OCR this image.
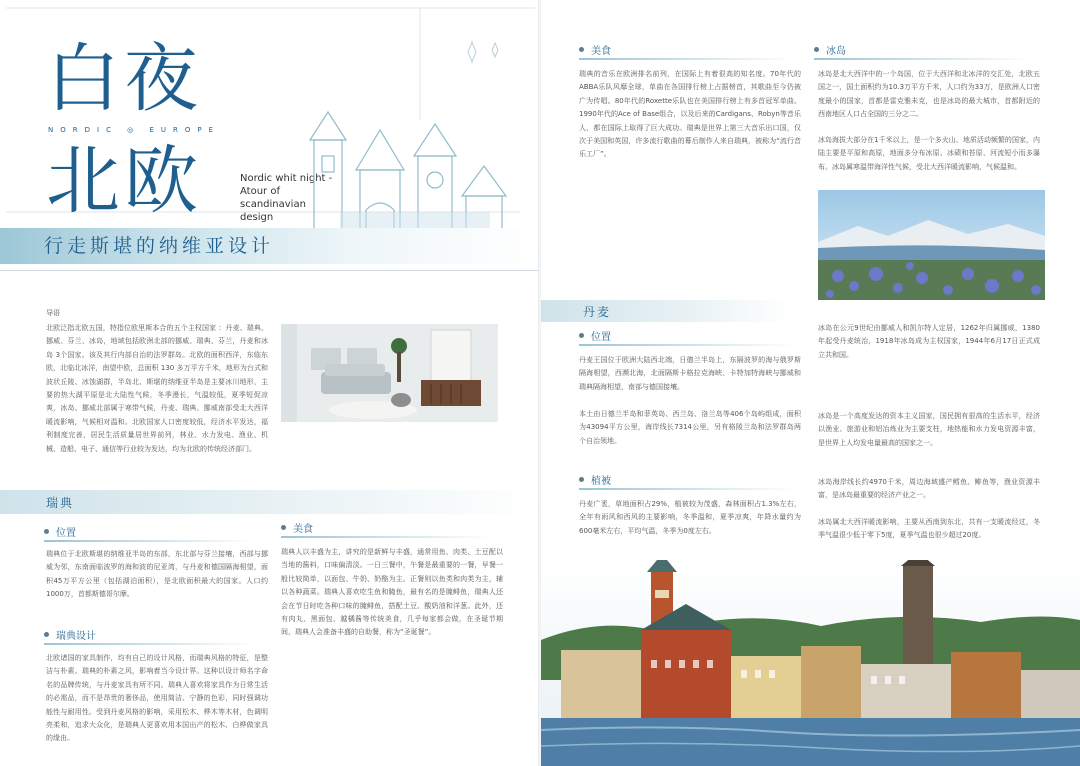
白夜
NORDIC ◎ EUROPE
北欧	Nordic whit night - Atour of scandinavian design
行走斯堪的纳维亚设计
导语
北欧泛指北欧五国，特指位欧里斯本合的五个主权国家 ：丹麦、瑞典、挪威、芬兰、冰岛，地域包括欧洲北部的挪威、瑞典、芬兰，丹麦和冰岛 3个国家。该及其行内部自治的法罗群岛。北欧的面积西洋，东临东欧，北临北冰洋，南望中欧，总面积 130 多万平方千米，地形为台式和波状丘陵、冰蚀湖群，半岛北、斯堪的纳维亚半岛是主要冰川地形，主要的热大湖平原是北大陆性气候，冬季漫长，气温较低，夏季短促凉爽，冰岛、挪威北部属于寒带气候，丹麦、瑞典、挪威南部受北大西洋暖流影响，气候相对温和。北欧国家人口密度较低，经济水平发达，福利制度完善，居民生活质量居世界前列，林业、水力发电、渔业、机械、造船、电子、通信等行业较为发达，均为北欧的传统经济部门。
瑞典
位置
瑞典位于北欧斯堪的纳维亚半岛的东部，东北部与芬兰接壤，西部与挪威为邻，东南面临波罗的海和波的尼亚湾，与丹麦和德国隔海相望，面积45万平方公里（包括湖泊面积），是北欧面积最大的国家。人口约1000万，首都斯德哥尔摩。
瑞典设计
北欧诸国的家具制作，均有自己的设计风格，而瑞典风格的特征，是整洁与朴素。瑞典的朴素之风，影响着当今设计界。这种以设计师名字命名的品牌传统，与丹麦家具有所不同。瑞典人喜欢将家具作为日常生活的必需品，而不是昂贵的奢侈品，使用简洁、宁静的色彩，同时强调功能性与耐用性。受到丹麦风格的影响，采用松木、桦木等木材，色调明亮柔和，追求大众化，是瑞典人更喜欢用本国出产的松木、白桦做家具的缘由。
美食
瑞典人以丰盛为主，讲究的是新鲜与丰盛，通常用鱼、肉类、土豆配以当地的酱料，口味偏清淡。一日三餐中，午餐是最重要的一餐，早餐一般比较简单，以面包、牛奶、奶酪为主。正餐则以鱼类和肉类为主，辅以各种蔬菜。瑞典人喜欢吃生鱼和腌鱼，最有名的是腌鲱鱼，瑞典人还会在节日时吃各种口味的腌鲱鱼，搭配土豆、酸奶油和洋葱。此外，还有肉丸、黑面包、越橘酱等传统美食，几乎每家都会做，在圣诞节期间，瑞典人会准备丰盛的自助餐，称为“圣诞餐”。
美食
瑞典的音乐在欧洲排名前列，在国际上有着很高的知名度。70年代的ABBA乐队风靡全球，单曲在各国排行榜上占据榜首，其歌曲至今仍被广为传唱。80年代的Roxette乐队也在美国排行榜上有多首冠军单曲。1990年代的Ace of Base组合，以及后来的Cardigans、Robyn等音乐人，都在国际上取得了巨大成功。瑞典是世界上第三大音乐出口国，仅次于美国和英国，许多流行歌曲的幕后制作人来自瑞典，被称为“流行音乐工厂”。
冰岛
冰岛是北大西洋中的一个岛国，位于大西洋和北冰洋的交汇处，北欧五国之一，国土面积约为10.3万平方千米，人口约为33万，是欧洲人口密度最小的国家，首都是雷克雅未克，也是冰岛的最大城市，首都附近的西南地区人口占全国的三分之二。
冰岛海拔大部分在1千米以上，是一个多火山、地质活动频繁的国家，内陆主要是平原和高原，地面多分布冰原、冰碛和苔原、河流短小而多瀑布。冰岛属寒温带海洋性气候，受北大西洋暖流影响，气候温和。
丹麦
位置
丹麦王国位于欧洲大陆西北端，日德兰半岛上，东隔波罗的海与俄罗斯隔海相望，西濒北海，北面隔斯卡格拉克海峡、卡特加特海峡与挪威和瑞典隔海相望，南部与德国接壤。
本土由日德兰半岛和菲英岛、西兰岛、洛兰岛等406个岛屿组成，面积为43094平方公里，海岸线长7314公里，另有格陵兰岛和法罗群岛两个自治领地。
植被
丹麦广袤，草地面积占29%，植被较为茂盛，森林面积占1.3%左右，全年有雨风和西风的主要影响，冬季温和，夏季凉爽，年降水量约为600毫米左右，平均气温，冬季为0度左右。
冰岛在公元9世纪由挪威人和凯尔特人定居，1262年归属挪威，1380年起受丹麦统治，1918年冰岛成为主权国家，1944年6月17日正式成立共和国。
冰岛是一个高度发达的资本主义国家，国民拥有很高的生活水平，经济以渔业、旅游业和铝冶炼业为主要支柱，地热能和水力发电资源丰富，是世界上人均发电量最高的国家之一。
冰岛海岸线长约4970千米，周边海域盛产鳕鱼、鲱鱼等，渔业资源丰富，是冰岛最重要的经济产业之一。
冰岛属北大西洋暖流影响，主要从西南到东北，共有一支暖流经过，冬季气温很少低于零下5度，夏季气温也很少超过20度。
